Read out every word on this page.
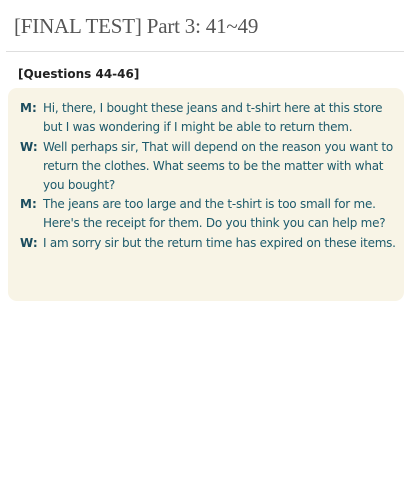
[FINAL TEST] Part 3: 41~49
[Questions 44-46]
M: Hi, there, I bought these jeans and t-shirt here at this store but I was wondering if I might be able to return them.
W: Well perhaps sir, That will depend on the reason you want to return the clothes. What seems to be the matter with what you bought?
M: The jeans are too large and the t-shirt is too small for me. Here's the receipt for them. Do you think you can help me?
W: I am sorry sir but the return time has expired on these items.
